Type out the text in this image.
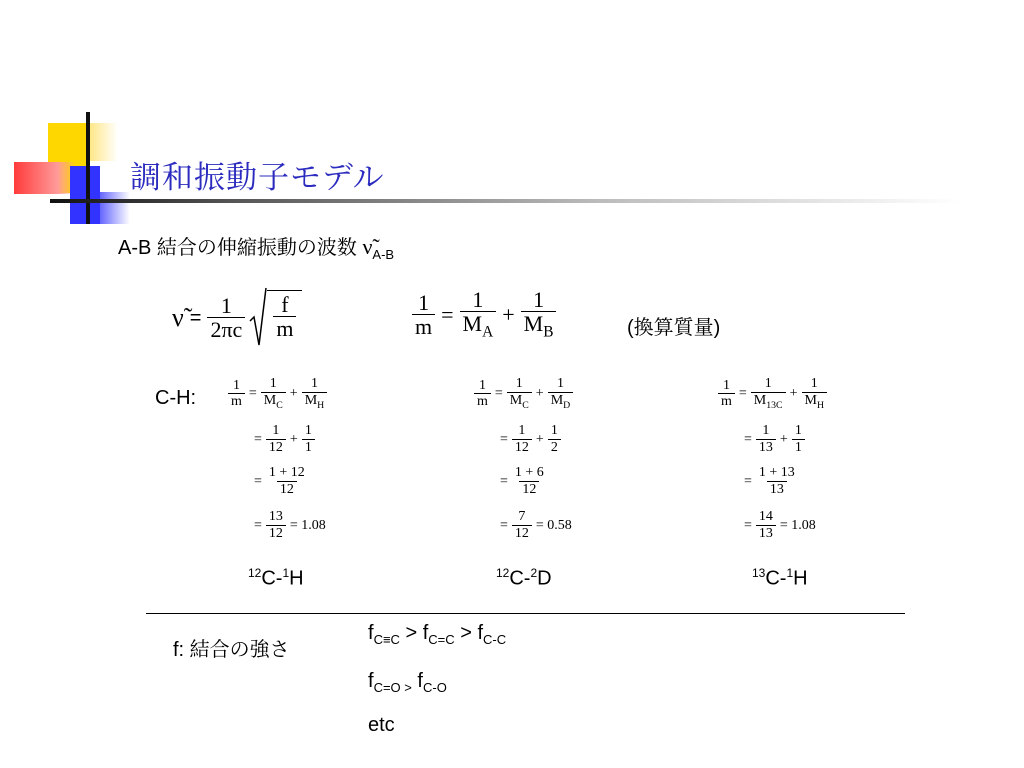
調和振動子モデル
A-B 結合の伸縮振動の波数 $\nũ_{A-B}$
ν̃ = $\frac{1}{2\pi c} \frac{f}{m}$	$\frac{1}{m} = \frac{1}{M_A} + \frac{1}{M_B}$	(換算質量)
C-H: $\frac{1}{m} = \frac{1}{M_C} + \frac{1}{M_H}$
= $\frac{1}{12} + \frac{1}{1}$
= $\frac{1 + 12}{12}$
= $\frac{13}{12} = 1.08$
$^{12}$C-$^1$H
$\frac{1}{m} = \frac{1}{M_C} + \frac{1}{M_D}$
= $\frac{1}{12} + \frac{1}{2}$
= $\frac{1 + 6}{12}$
= $\frac{7}{12} = 0.58$
$^{12}$C-$^2$D
$\frac{1}{m} = \frac{1}{M_{13C}} + \frac{1}{M_H}$
= $\frac{1}{13} + \frac{1}{1}$
= $\frac{1 + 13}{13}$
= $\frac{14}{13} = 1.08$
$^{13}$C-$^1$H
f: 結合の強さ
$f_{C\equiv C} > f_{C=C} > f_{C-C}$
$f_{C=O >}$ $f_{C-O}$
etc
